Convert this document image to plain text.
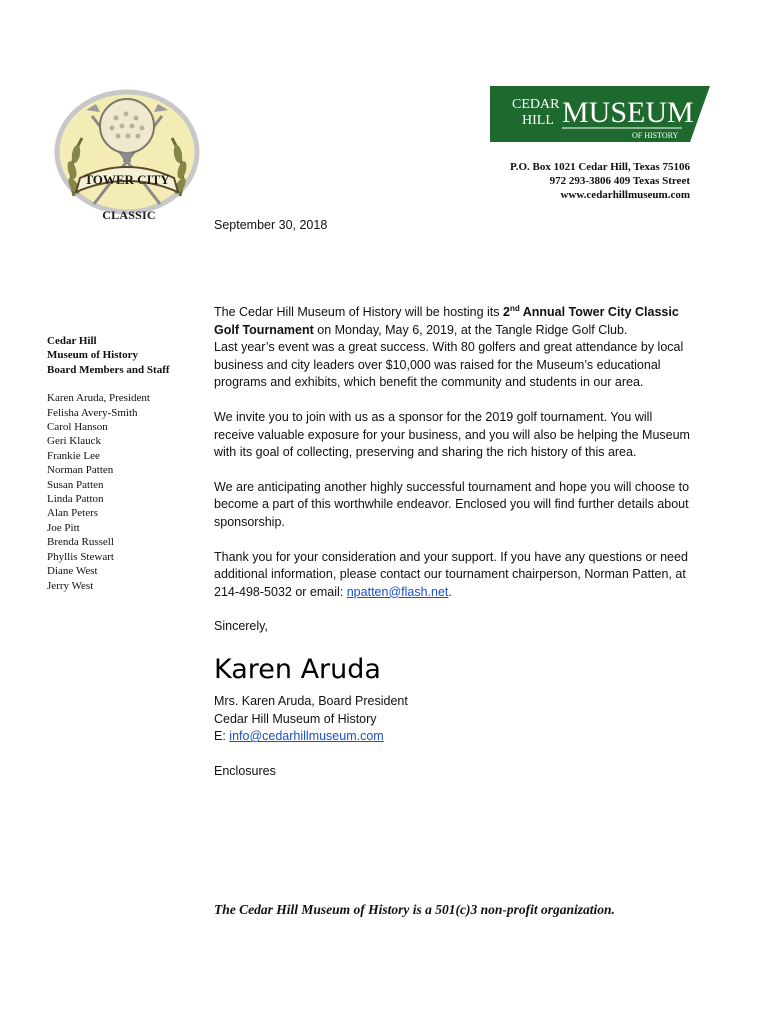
TOWER CITY
CLASSIC
CEDAR
HILL MUSEUM
OF HISTORY
P.O. Box 1021 Cedar Hill, Texas 75106
972 293-3806 409 Texas Street
www.cedarhillmuseum.com
Cedar Hill
Museum of History
Board Members and Staff
Karen Aruda, President
Felisha Avery-Smith
Carol Hanson
Geri Klauck
Frankie Lee
Norman Patten
Susan Patten
Linda Patton
Alan Peters
Joe Pitt
Brenda Russell
Phyllis Stewart
Diane West
Jerry West
September 30, 2018

The Cedar Hill Museum of History will be hosting its 2nd Annual Tower City Classic Golf Tournament on Monday, May 6, 2019, at the Tangle Ridge Golf Club.
Last year’s event was a great success. With 80 golfers and great attendance by local business and city leaders over $10,000 was raised for the Museum’s educational programs and exhibits, which benefit the community and students in our area.

We invite you to join with us as a sponsor for the 2019 golf tournament. You will receive valuable exposure for your business, and you will also be helping the Museum with its goal of collecting, preserving and sharing the rich history of this area.

We are anticipating another highly successful tournament and hope you will choose to become a part of this worthwhile endeavor. Enclosed you will find further details about sponsorship.

Thank you for your consideration and your support. If you have any questions or need additional information, please contact our tournament chairperson, Norman Patten, at 214-498-5032 or email: npatten@flash.net.

Sincerely,

Karen Aruda
Mrs. Karen Aruda, Board President
Cedar Hill Museum of History
E: info@cedarhillmuseum.com

Enclosures

The Cedar Hill Museum of History is a 501(c)3 non-profit organization.
